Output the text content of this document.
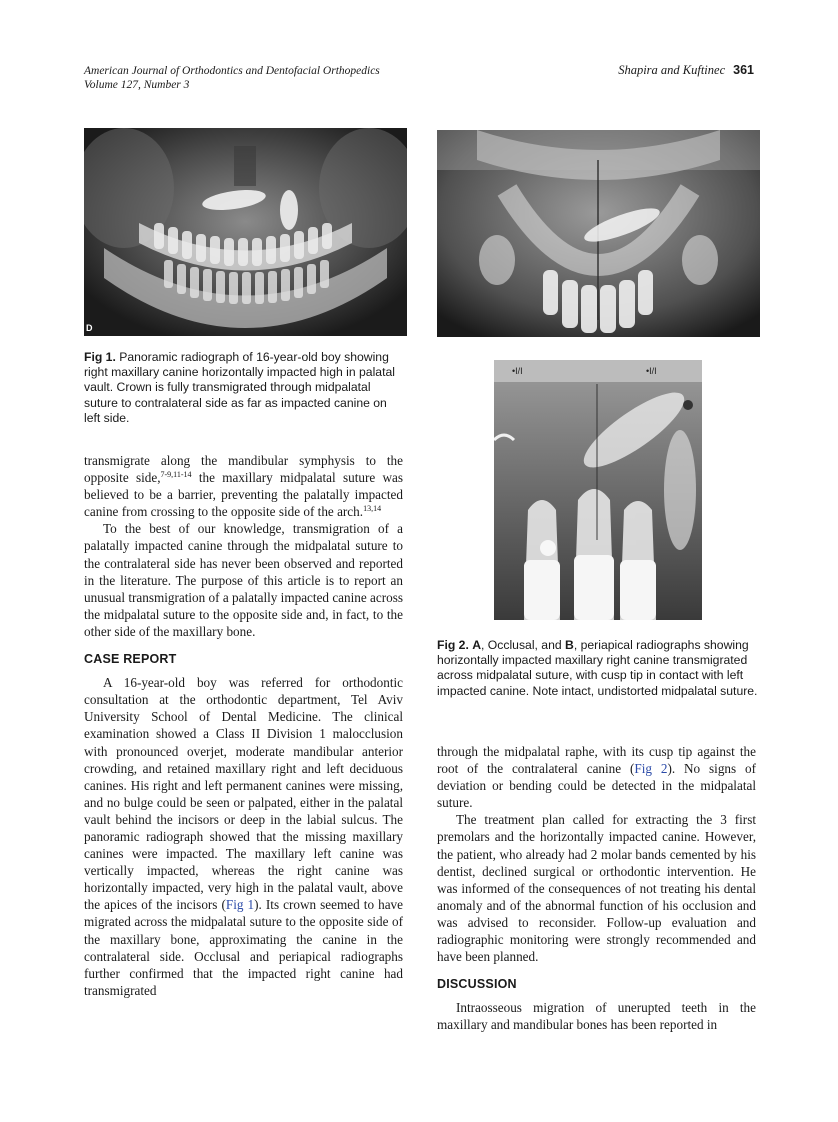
American Journal of Orthodontics and Dentofacial Orthopedics
Volume 127, Number 3
Shapira and Kuftinec 361
D
Fig 1. Panoramic radiograph of 16-year-old boy showing right maxillary canine horizontally impacted high in palatal vault. Crown is fully transmigrated through midpalatal suture to contralateral side as far as impacted canine on left side.
•I/I	•I/I
Fig 2. A, Occlusal, and B, periapical radiographs showing horizontally impacted maxillary right canine transmigrated across midpalatal suture, with cusp tip in contact with left impacted canine. Note intact, undistorted midpalatal suture.

transmigrate along the mandibular symphysis to the opposite side,$^{7-9,11-14}$ the maxillary midpalatal suture was believed to be a barrier, preventing the palatally impacted canine from crossing to the opposite side of the arch.$^{13,14}$

To the best of our knowledge, transmigration of a palatally impacted canine through the midpalatal suture to the contralateral side has never been observed and reported in the literature. The purpose of this article is to report an unusual transmigration of a palatally impacted canine across the midpalatal suture to the opposite side and, in fact, to the other side of the maxillary bone.

CASE REPORT

A 16-year-old boy was referred for orthodontic consultation at the orthodontic department, Tel Aviv University School of Dental Medicine. The clinical examination showed a Class II Division 1 malocclusion with pronounced overjet, moderate mandibular anterior crowding, and retained maxillary right and left deciduous canines. His right and left permanent canines were missing, and no bulge could be seen or palpated, either in the palatal vault behind the incisors or deep in the labial sulcus. The panoramic radiograph showed that the missing maxillary canines were impacted. The maxillary left canine was vertically impacted, whereas the right canine was horizontally impacted, very high in the palatal vault, above the apices of the incisors (Fig 1). Its crown seemed to have migrated across the midpalatal suture to the opposite side of the maxillary bone, approximating the canine in the contralateral side. Occlusal and periapical radiographs further confirmed that the impacted right canine had transmigrated

through the midpalatal raphe, with its cusp tip against the root of the contralateral canine (Fig 2). No signs of deviation or bending could be detected in the midpalatal suture.

The treatment plan called for extracting the 3 first premolars and the horizontally impacted canine. However, the patient, who already had 2 molar bands cemented by his dentist, declined surgical or orthodontic intervention. He was informed of the consequences of not treating his dental anomaly and of the abnormal function of his occlusion and was advised to reconsider. Follow-up evaluation and radiographic monitoring were strongly recommended and have been planned.

DISCUSSION

Intraosseous migration of unerupted teeth in the maxillary and mandibular bones has been reported in
